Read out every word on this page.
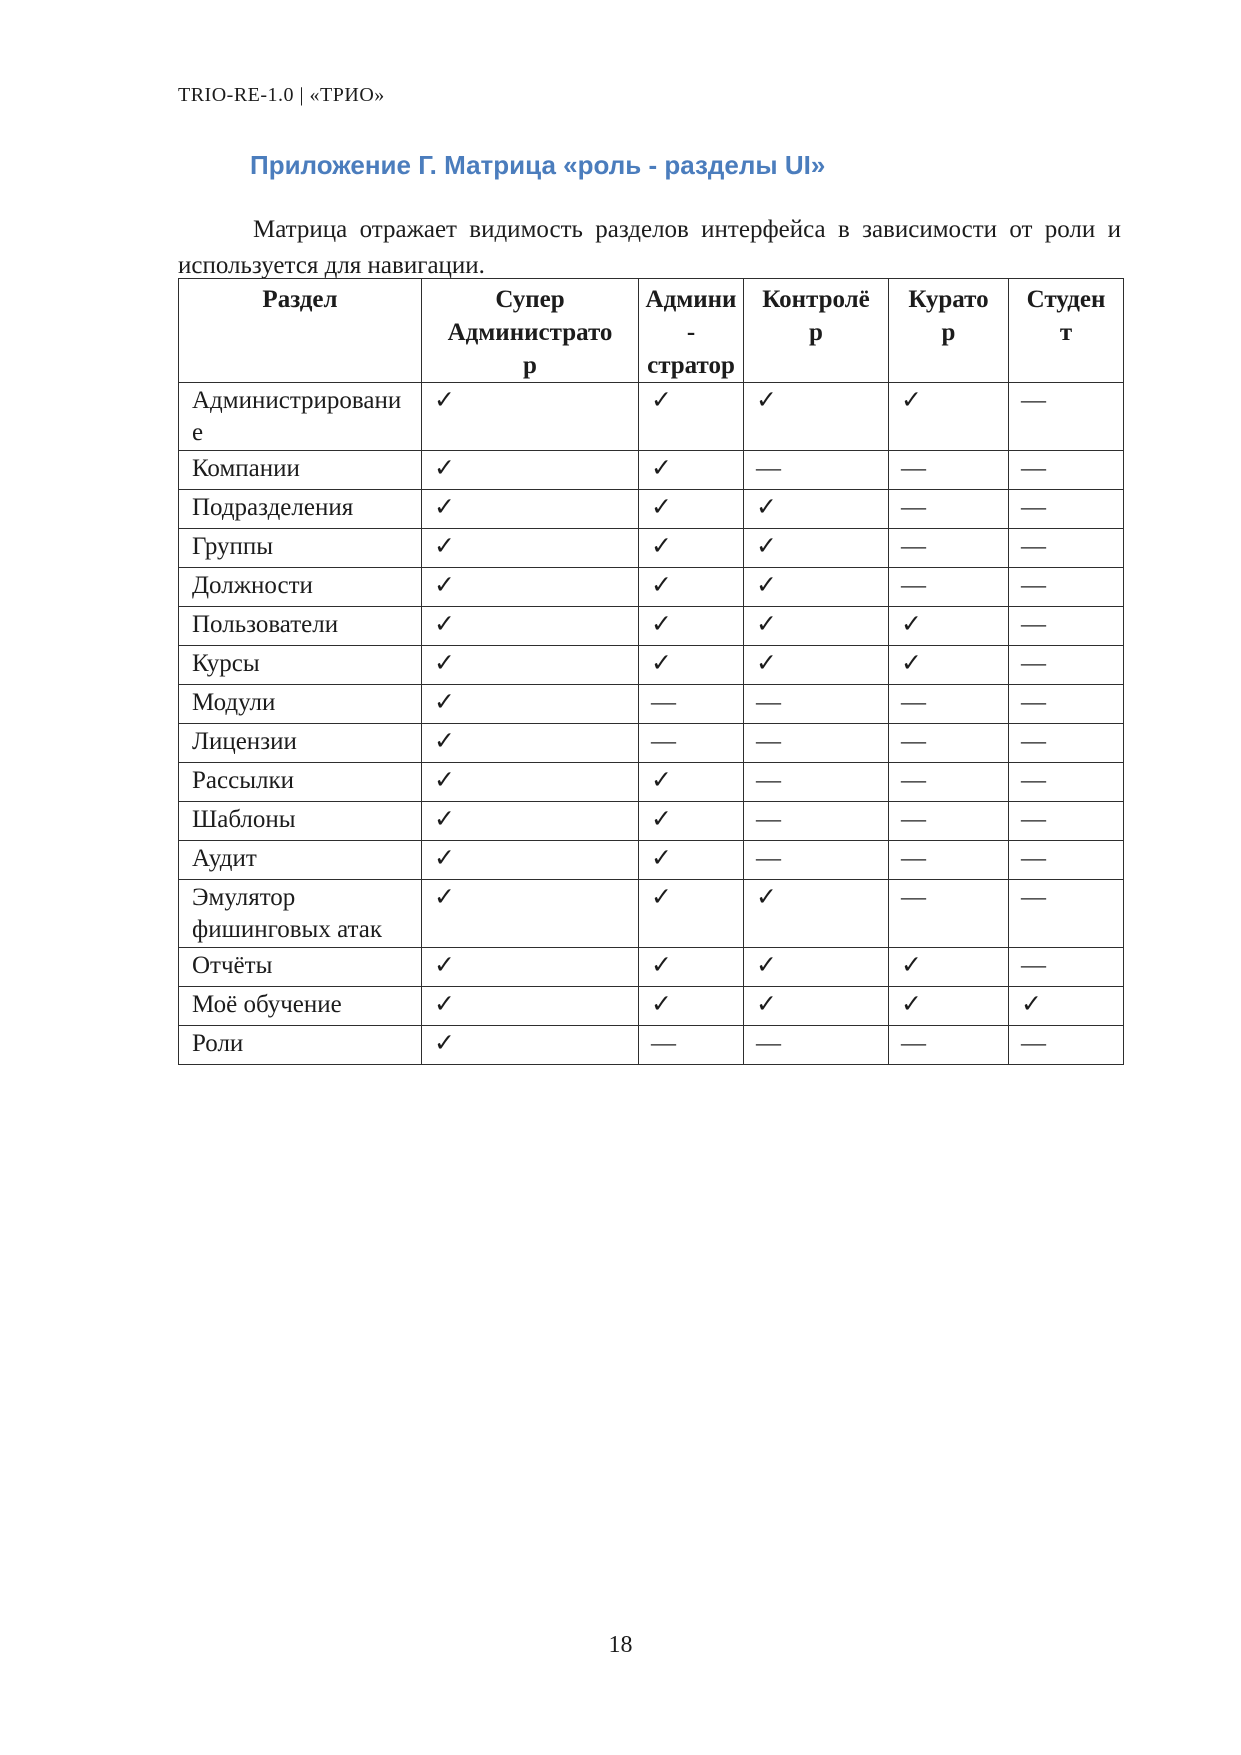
TRIO-RE-1.0 | «ТРИО»
Приложение Г. Матрица «роль - разделы UI»
Матрица отражает видимость разделов интерфейса в зависимости от роли и
используется для навигации.
Раздел	Супер
Администрато
р	Админи
-
стратор	Контролё
р	Курато
р	Студен
т
Администрировани
е	✓	✓	✓	✓	—
Компании	✓	✓	—	—	—
Подразделения	✓	✓	✓	—	—
Группы	✓	✓	✓	—	—
Должности	✓	✓	✓	—	—
Пользователи	✓	✓	✓	✓	—
Курсы	✓	✓	✓	✓	—
Модули	✓	—	—	—	—
Лицензии	✓	—	—	—	—
Рассылки	✓	✓	—	—	—
Шаблоны	✓	✓	—	—	—
Аудит	✓	✓	—	—	—
Эмулятор
фишинговых атак	✓	✓	✓	—	—
Отчёты	✓	✓	✓	✓	—
Моё обучение	✓	✓	✓	✓	✓
Роли	✓	—	—	—	—
18
